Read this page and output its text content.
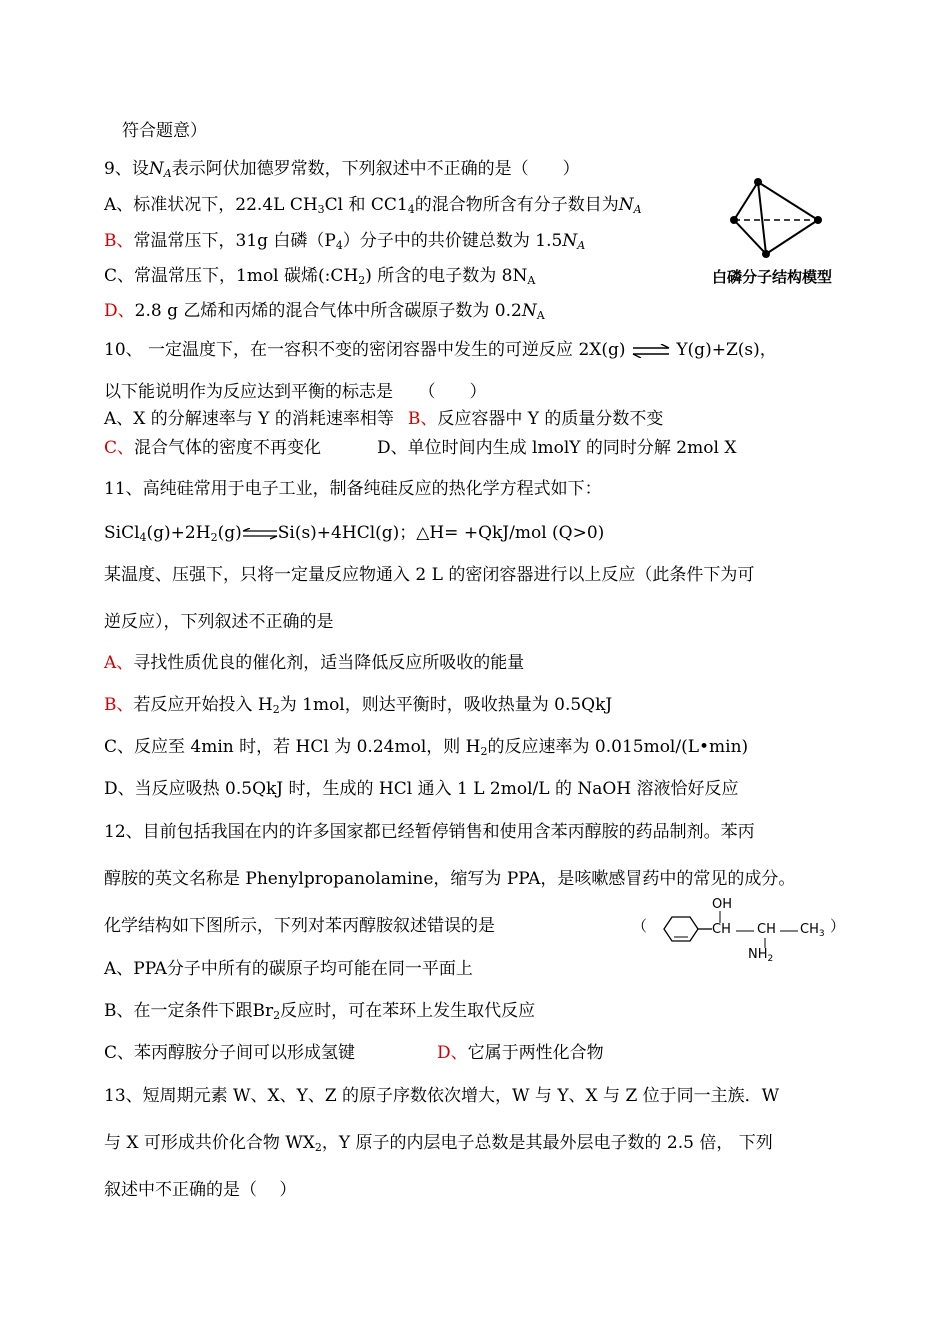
符合题意）
9、设$N_A$表示阿伏加德罗常数，下列叙述中不正确的是（　　）
A、标准状况下，22.4L $CH_3Cl$ 和 $CC1_4$的混合物所含有分子数目为$N_A$
B、常温常压下，31g 白磷$(P_4)$分子中的共价键总数为 $1.5N_A$
C、常温常压下，1mol 碳烯$(:CH_2)$ 所含的电子数为 $8N_A$
D、2.8 g 乙烯和丙烯的混合气体中所含碳原子数为 $0.2N_A$
白磷分子结构模型
10、 一定温度下，在一容积不变的密闭容器中发生的可逆反应 2X(g) ⇌ Y(g)+Z(s)，
以下能说明作为反应达到平衡的标志是　　（　　）
A、X 的分解速率与 Y 的消耗速率相等 B、反应容器中 Y 的质量分数不变
C、混合气体的密度不再变化	D、单位时间内生成 lmolY 的同时分解 2mol X
11、高纯硅常用于电子工业，制备纯硅反应的热化学方程式如下：
$SiCl_4(g)+2H_2(g)\rightleftharpoons Si(s)+4HCl(g)$；△H= +QkJ/mol (Q>0)
某温度、压强下，只将一定量反应物通入 2 L 的密闭容器进行以上反应（此条件下为可
逆反应），下列叙述不正确的是
A、寻找性质优良的催化剂，适当降低反应所吸收的能量
B、若反应开始投入 $H_2$为 1mol，则达平衡时，吸收热量为 0.5QkJ
C、反应至 4min 时，若 HCl 为 0.24mol，则 $H_2$的反应速率为 0.015mol/(L•min)
D、当反应吸热 0.5QkJ 时，生成的 HCl 通入 1 L 2mol/L 的 NaOH 溶液恰好反应
12、目前包括我国在内的许多国家都已经暂停销售和使用含苯丙醇胺的药品制剂。苯丙
醇胺的英文名称是 Phenylpropanolamine，缩写为 PPA，是咳嗽感冒药中的常见的成分。
化学结构如下图所示，下列对苯丙醇胺叙述错误的是	（
OH
CH CH $CH_3$
$NH_2$
）
A、PPA分子中所有的碳原子均可能在同一平面上
B、在一定条件下跟$Br_2$反应时，可在苯环上发生取代反应
C、苯丙醇胺分子间可以形成氢键	D、它属于两性化合物
13、短周期元素 W、X、Y、Z 的原子序数依次增大，W 与 Y、X 与 Z 位于同一主族．W
与 X 可形成共价化合物 $WX_2$，Y 原子的内层电子总数是其最外层电子数的 2.5 倍， 下列
叙述中不正确的是（　 ）
